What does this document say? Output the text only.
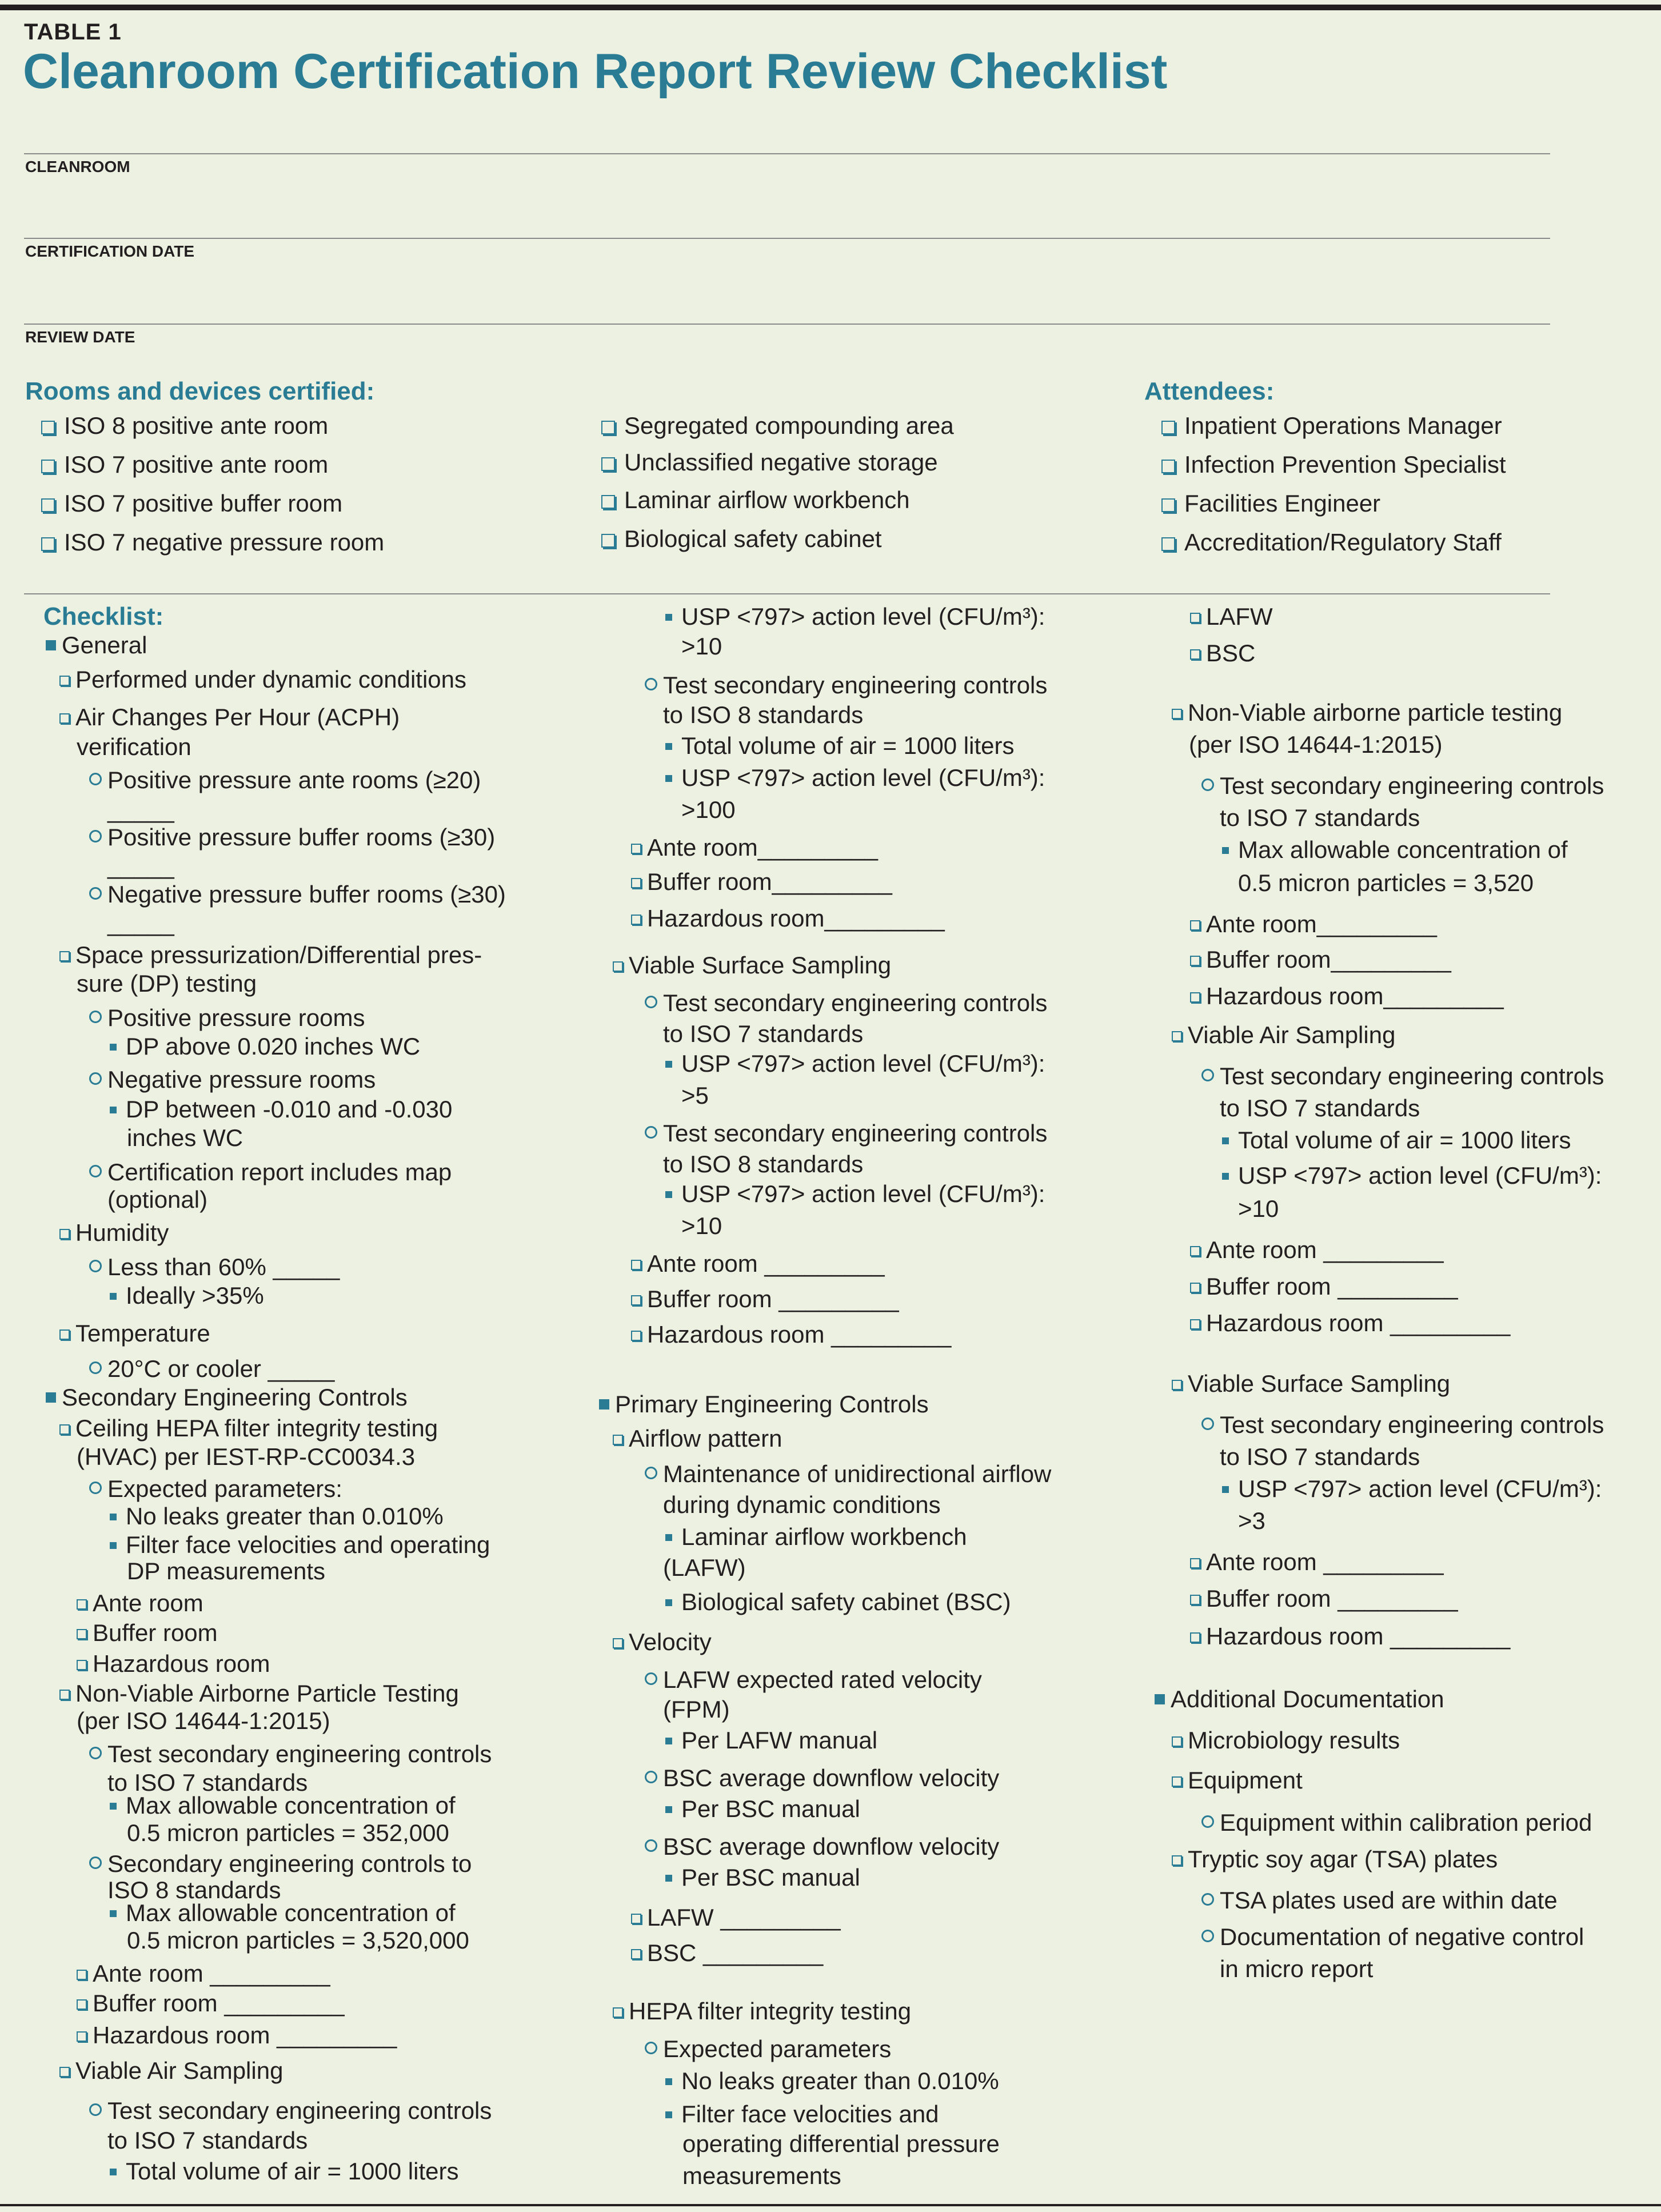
TABLE 1
Cleanroom Certification Report Review Checklist
CLEANROOM
CERTIFICATION DATE
REVIEW DATE
Rooms and devices certified:	Attendees:
ISO 8 positive ante room
ISO 7 positive ante room
ISO 7 positive buffer room
ISO 7 negative pressure room
Segregated compounding area
Unclassified negative storage
Laminar airflow workbench
Biological safety cabinet
Inpatient Operations Manager
Infection Prevention Specialist
Facilities Engineer
Accreditation/Regulatory Staff
Checklist:
General
Performed under dynamic conditions
Air Changes Per Hour (ACPH)
verification
Positive pressure ante rooms (≥20)
_____
Positive pressure buffer rooms (≥30)
_____
Negative pressure buffer rooms (≥30)
_____
Space pressurization/Differential pres-
sure (DP) testing
Positive pressure rooms
DP above 0.020 inches WC
Negative pressure rooms
DP between -0.010 and -0.030
inches WC
Certification report includes map
(optional)
Humidity
Less than 60% _____
Ideally >35%
Temperature
20°C or cooler _____
Secondary Engineering Controls
Ceiling HEPA filter integrity testing
(HVAC) per IEST-RP-CC0034.3
Expected parameters:
No leaks greater than 0.010%
Filter face velocities and operating
DP measurements
Ante room
Buffer room
Hazardous room
Non-Viable Airborne Particle Testing
(per ISO 14644-1:2015)
Test secondary engineering controls
to ISO 7 standards
Max allowable concentration of
0.5 micron particles = 352,000
Secondary engineering controls to
ISO 8 standards
Max allowable concentration of
0.5 micron particles = 3,520,000
Ante room _________
Buffer room _________
Hazardous room _________
Viable Air Sampling
Test secondary engineering controls
to ISO 7 standards
Total volume of air = 1000 liters
USP <797> action level (CFU/m³):
>10
Test secondary engineering controls
to ISO 8 standards
Total volume of air = 1000 liters
USP <797> action level (CFU/m³):
>100
Ante room_________
Buffer room_________
Hazardous room_________
Viable Surface Sampling
Test secondary engineering controls
to ISO 7 standards
USP <797> action level (CFU/m³):
>5
Test secondary engineering controls
to ISO 8 standards
USP <797> action level (CFU/m³):
>10
Ante room _________
Buffer room _________
Hazardous room _________
Primary Engineering Controls
Airflow pattern
Maintenance of unidirectional airflow
during dynamic conditions
Laminar airflow workbench
(LAFW)
Biological safety cabinet (BSC)
Velocity
LAFW expected rated velocity
(FPM)
Per LAFW manual
BSC average downflow velocity
Per BSC manual
BSC average downflow velocity
Per BSC manual
LAFW _________
BSC _________
HEPA filter integrity testing
Expected parameters
No leaks greater than 0.010%
Filter face velocities and
operating differential pressure
measurements
LAFW
BSC
Non-Viable airborne particle testing
(per ISO 14644-1:2015)
Test secondary engineering controls
to ISO 7 standards
Max allowable concentration of
0.5 micron particles = 3,520
Ante room_________
Buffer room_________
Hazardous room_________
Viable Air Sampling
Test secondary engineering controls
to ISO 7 standards
Total volume of air = 1000 liters
USP <797> action level (CFU/m³):
>10
Ante room _________
Buffer room _________
Hazardous room _________
Viable Surface Sampling
Test secondary engineering controls
to ISO 7 standards
USP <797> action level (CFU/m³):
>3
Ante room _________
Buffer room _________
Hazardous room _________
Additional Documentation
Microbiology results
Equipment
Equipment within calibration period
Tryptic soy agar (TSA) plates
TSA plates used are within date
Documentation of negative control
in micro report
